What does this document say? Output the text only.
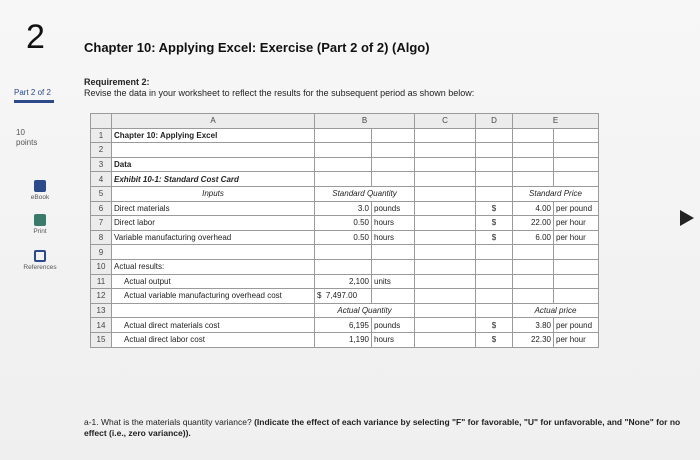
2	Chapter 10: Applying Excel: Exercise (Part 2 of 2) (Algo)
Part 2 of 2
10
points
eBook
Print
References
Requirement 2:
Revise the data in your worksheet to reflect the results for the subsequent period as shown below:
	A	B		C	D	E	
1	Chapter 10: Applying Excel						
2							
3	Data						
4	Exhibit 10-1: Standard Cost Card						
5	Inputs	Standard Quantity				Standard Price	
6	Direct materials	3.0	pounds		$	4.00	per pound
7	Direct labor	0.50	hours		$	22.00	per hour
8	Variable manufacturing overhead	0.50	hours		$	6.00	per hour
9							
10	Actual results:						
11	Actual output	2,100	units				
12	Actual variable manufacturing overhead cost	$ 7,497.00					
13		Actual Quantity				Actual price	
14	Actual direct materials cost	6,195	pounds		$	3.80	per pound
15	Actual direct labor cost	1,190	hours		$	22.30	per hour
a-1. What is the materials quantity variance? (Indicate the effect of each variance by selecting "F" for favorable, "U" for unfavorable, and "None" for no effect (i.e., zero variance)).
